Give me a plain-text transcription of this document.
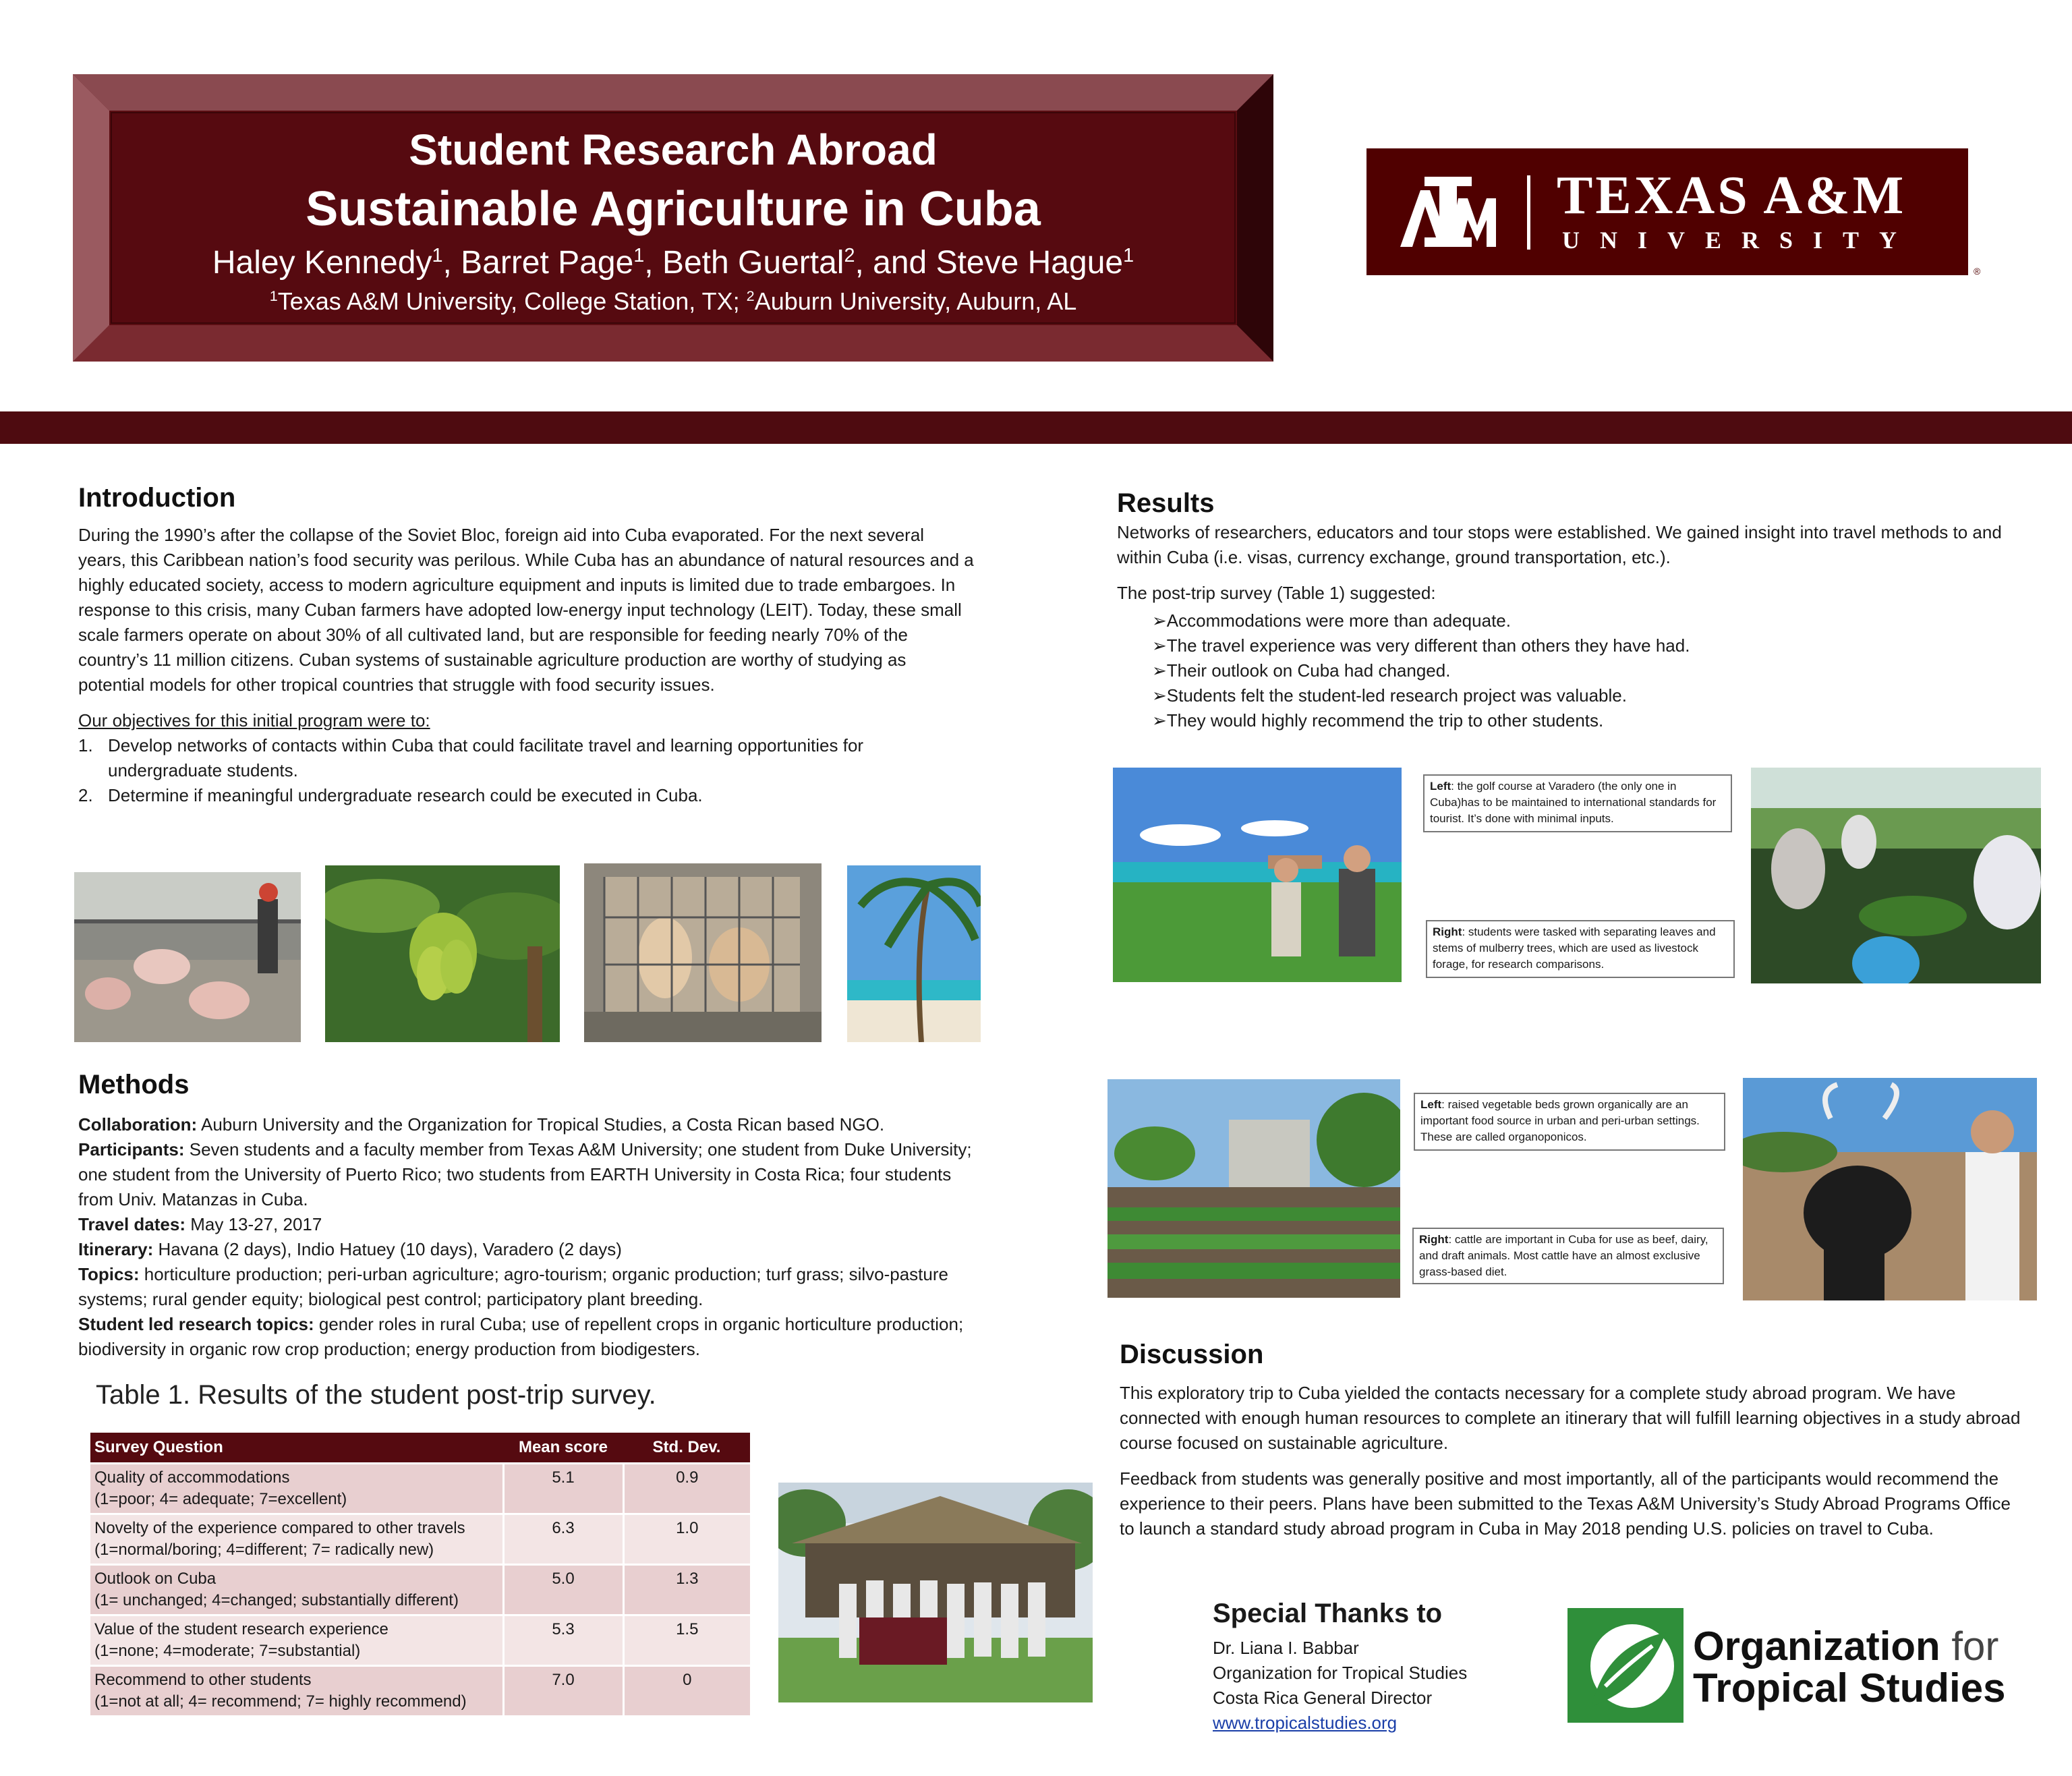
Student Research Abroad
Sustainable Agriculture in Cuba
Haley Kennedy$^1$, Barret Page$^1$, Beth Guertal$^2$, and Steve Hague$^1$
$^1$Texas A&M University, College Station, TX; $^2$Auburn University, Auburn, AL
TEXAS A&M
UNIVERSITY
®
Introduction

During the 1990’s after the collapse of the Soviet Bloc, foreign aid into Cuba evaporated. For the next several years, this Caribbean nation’s food security was perilous. While Cuba has an abundance of natural resources and a highly educated society, access to modern agriculture equipment and inputs is limited due to trade embargoes. In response to this crisis, many Cuban farmers have adopted low-energy input technology (LEIT). Today, these small scale farmers operate on about 30% of all cultivated land, but are responsible for feeding nearly 70% of the country’s 11 million citizens. Cuban systems of sustainable agriculture production are worthy of studying as potential models for other tropical countries that struggle with food security issues.

Our objectives for this initial program were to:
1. Develop networks of contacts within Cuba that could facilitate travel and learning opportunities for undergraduate students.
2. Determine if meaningful undergraduate research could be executed in Cuba.
Methods
Collaboration: Auburn University and the Organization for Tropical Studies, a Costa Rican based NGO.
Participants: Seven students and a faculty member from Texas A&M University; one student from Duke University; one student from the University of Puerto Rico; two students from EARTH University in Costa Rica; four students from Univ. Matanzas in Cuba.
Travel dates: May 13-27, 2017
Itinerary: Havana (2 days), Indio Hatuey (10 days), Varadero (2 days)
Topics: horticulture production; peri-urban agriculture; agro-tourism; organic production; turf grass; silvo-pasture systems; rural gender equity; biological pest control; participatory plant breeding.
Student led research topics: gender roles in rural Cuba; use of repellent crops in organic horticulture production; biodiversity in organic row crop production; energy production from biodigesters.
Table 1. Results of the student post-trip survey.
Survey Question	Mean score	Std. Dev.

Quality of accommodations
(1=poor; 4= adequate; 7=excellent)	5.1	0.9

Novelty of the experience compared to other travels
(1=normal/boring; 4=different; 7= radically new)	6.3	1.0

Outlook on Cuba
(1= unchanged; 4=changed; substantially different)	5.0	1.3

Value of the student research experience
(1=none; 4=moderate; 7=substantial)	5.3	1.5

Recommend to other students
(1=not at all; 4= recommend; 7= highly recommend)	7.0	0
Results

Networks of researchers, educators and tour stops were established. We gained insight into travel methods to and within Cuba (i.e. visas, currency exchange, ground transportation, etc.).

The post-trip survey (Table 1) suggested:

➢Accommodations were more than adequate.
➢The travel experience was very different than others they have had.
➢Their outlook on Cuba had changed.
➢Students felt the student-led research project was valuable.
➢They would highly recommend the trip to other students.
Left: the golf course at Varadero (the only one in Cuba)has to be maintained to international standards for tourist. It’s done with minimal inputs.
Right: students were tasked with separating leaves and stems of mulberry trees, which are used as livestock forage, for research comparisons.
Left: raised vegetable beds grown organically are an important food source in urban and peri-urban settings. These are called organoponicos.
Right: cattle are important in Cuba for use as beef, dairy, and draft animals. Most cattle have an almost exclusive grass-based diet.
Discussion

This exploratory trip to Cuba yielded the contacts necessary for a complete study abroad program. We have connected with enough human resources to complete an itinerary that will fulfill learning objectives in a study abroad course focused on sustainable agriculture.

Feedback from students was generally positive and most importantly, all of the participants would recommend the experience to their peers. Plans have been submitted to the Texas A&M University’s Study Abroad Programs Office to launch a standard study abroad program in Cuba in May 2018 pending U.S. policies on travel to Cuba.

Special Thanks to
Dr. Liana I. Babbar
Organization for Tropical Studies
Costa Rica General Director
www.tropicalstudies.org
Organization for
Tropical Studies
